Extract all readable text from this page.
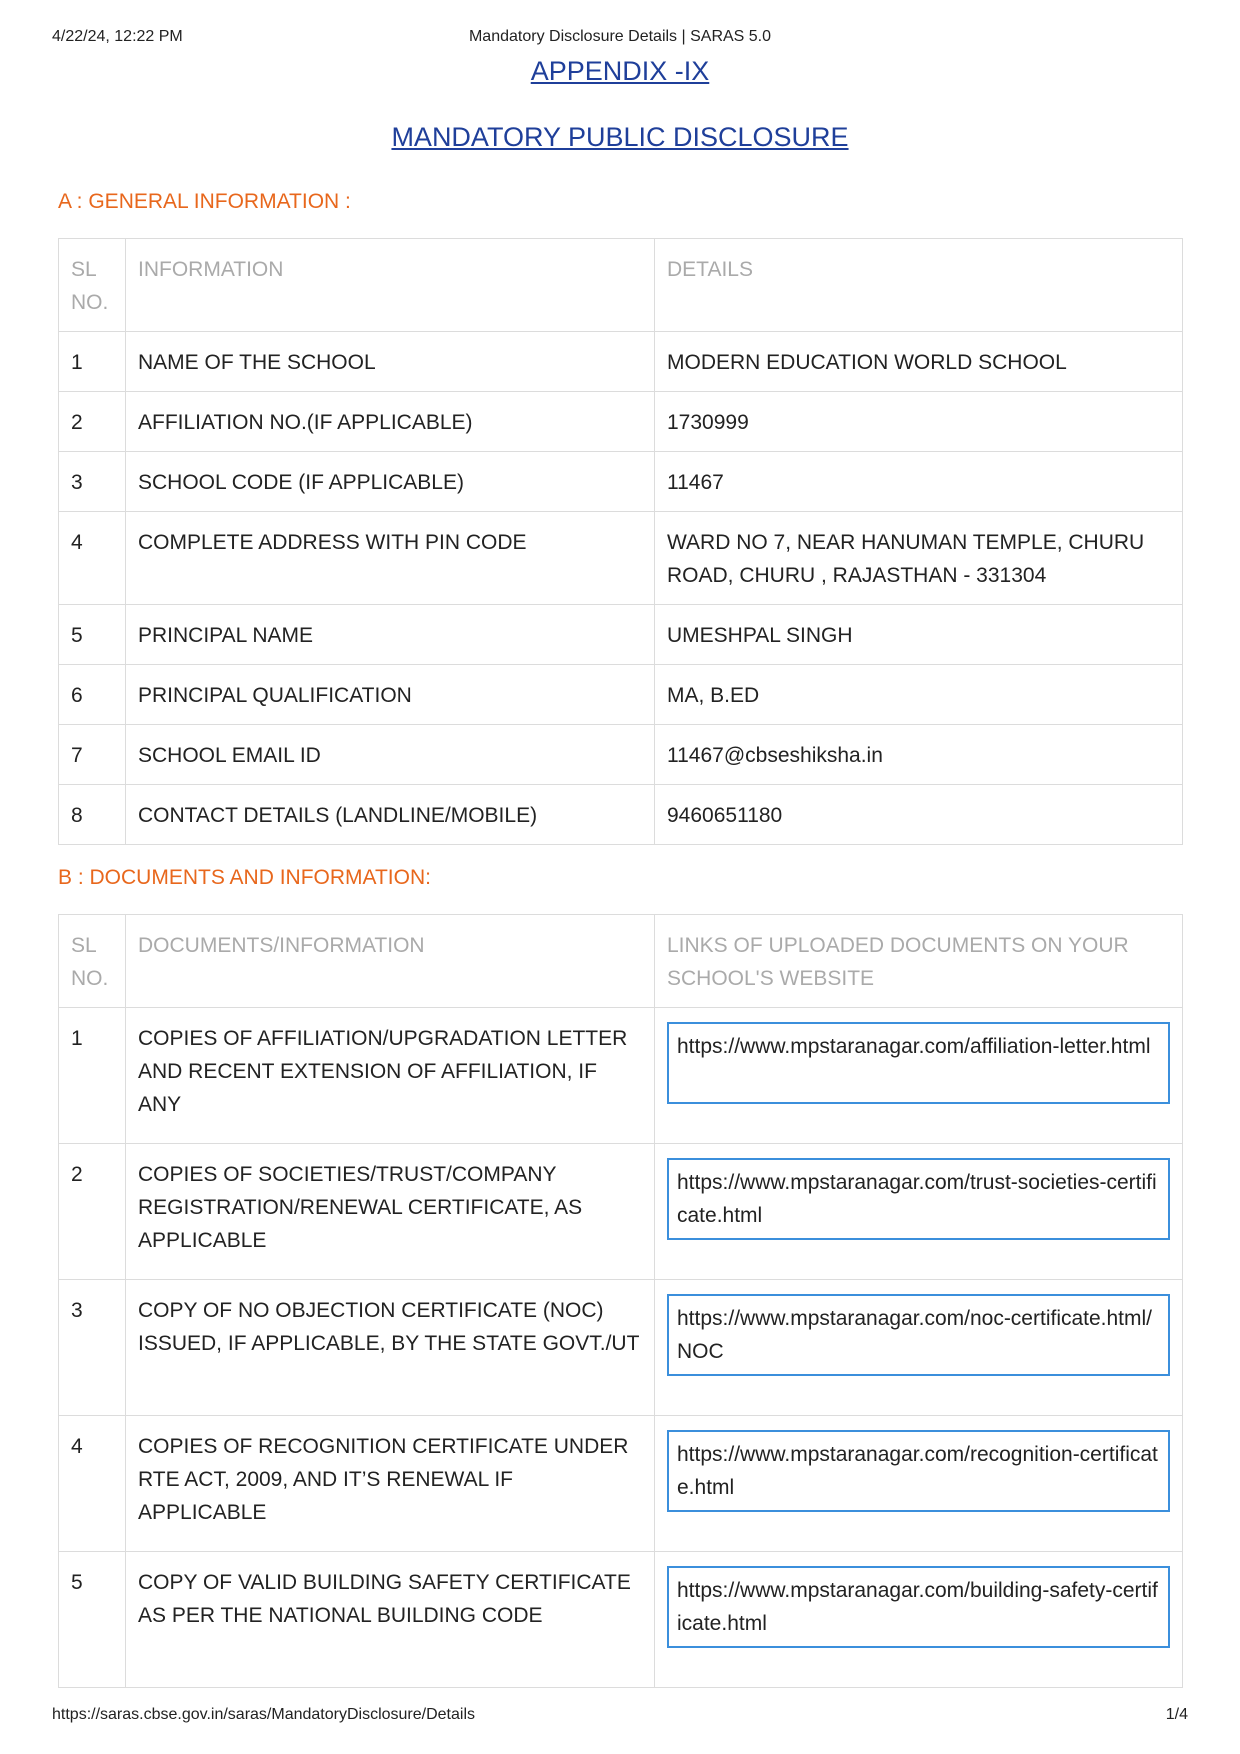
4/22/24, 12:22 PM	Mandatory Disclosure Details | SARAS 5.0
APPENDIX -IX
MANDATORY PUBLIC DISCLOSURE
A : GENERAL INFORMATION :
SL NO.	INFORMATION	DETAILS
1	NAME OF THE SCHOOL	MODERN EDUCATION WORLD SCHOOL
2	AFFILIATION NO.(IF APPLICABLE)	1730999
3	SCHOOL CODE (IF APPLICABLE)	11467
4	COMPLETE ADDRESS WITH PIN CODE	WARD NO 7, NEAR HANUMAN TEMPLE, CHURU ROAD, CHURU , RAJASTHAN - 331304
5	PRINCIPAL NAME	UMESHPAL SINGH
6	PRINCIPAL QUALIFICATION	MA, B.ED
7	SCHOOL EMAIL ID	11467@cbseshiksha.in
8	CONTACT DETAILS (LANDLINE/MOBILE)	9460651180
B : DOCUMENTS AND INFORMATION:
SL NO.	DOCUMENTS/INFORMATION	LINKS OF UPLOADED DOCUMENTS ON YOUR SCHOOL'S WEBSITE
1	COPIES OF AFFILIATION/UPGRADATION LETTER AND RECENT EXTENSION OF AFFILIATION, IF ANY	https://www.mpstaranagar.com/affiliation-letter.html

2	COPIES OF SOCIETIES/TRUST/COMPANY REGISTRATION/RENEWAL CERTIFICATE, AS APPLICABLE	https://www.mpstaranagar.com/trust-societies-certificate.html

3	COPY OF NO OBJECTION CERTIFICATE (NOC) ISSUED, IF APPLICABLE, BY THE STATE GOVT./UT	https://www.mpstaranagar.com/noc-certificate.html/NOC

4	COPIES OF RECOGNITION CERTIFICATE UNDER RTE ACT, 2009, AND IT’S RENEWAL IF APPLICABLE	https://www.mpstaranagar.com/recognition-certificate.html

5	COPY OF VALID BUILDING SAFETY CERTIFICATE AS PER THE NATIONAL BUILDING CODE	https://www.mpstaranagar.com/building-safety-certificate.html
https://saras.cbse.gov.in/saras/MandatoryDisclosure/Details	1/4
